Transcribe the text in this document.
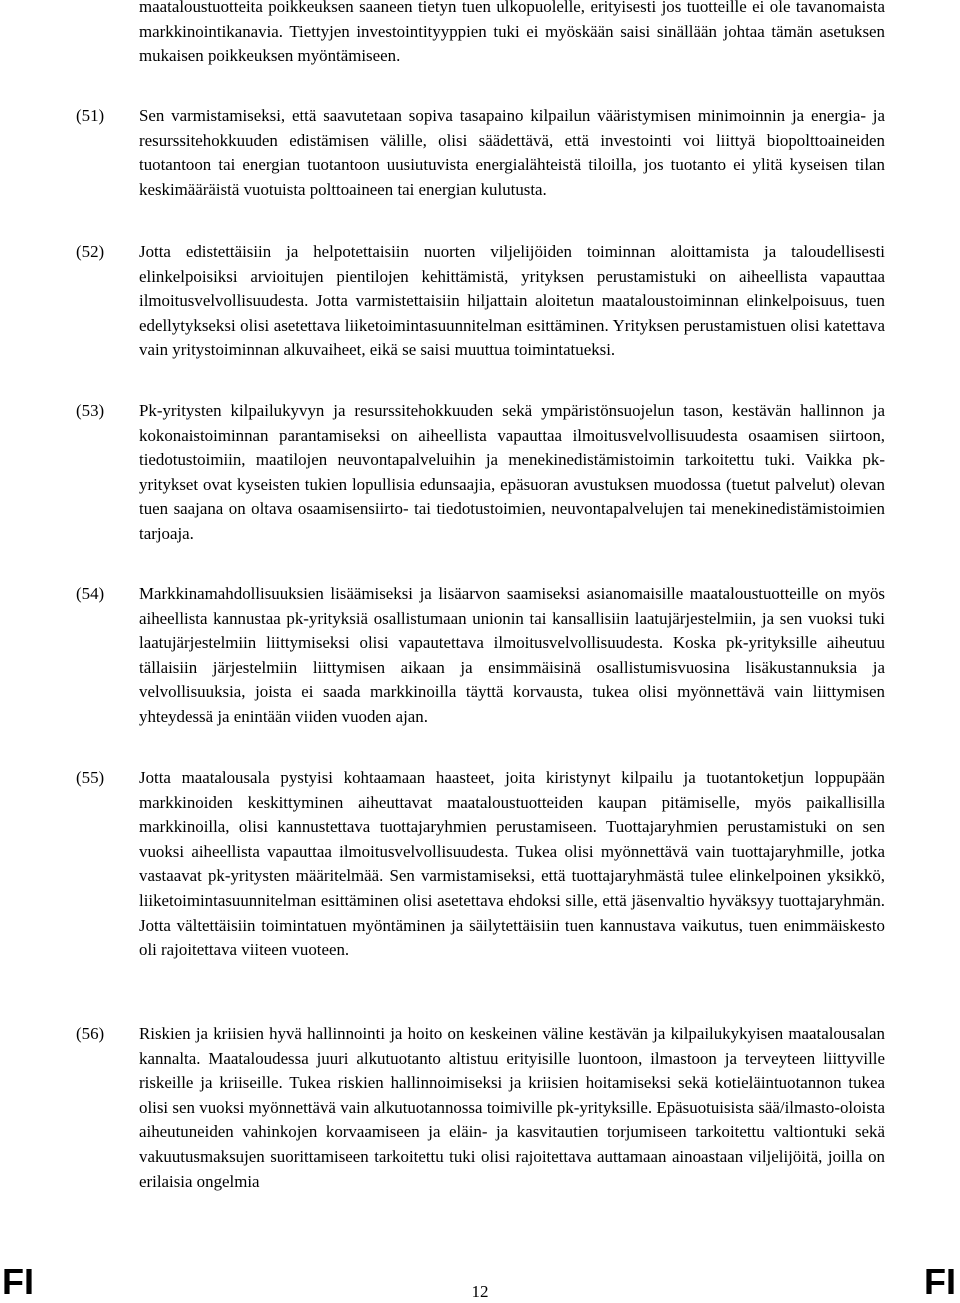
maataloustuotteita poikkeuksen saaneen tietyn tuen ulkopuolelle, erityisesti jos tuotteille ei ole tavanomaista markkinointikanavia. Tiettyjen investointityyppien tuki ei myöskään saisi sinällään johtaa tämän asetuksen mukaisen poikkeuksen myöntämiseen.
(51) Sen varmistamiseksi, että saavutetaan sopiva tasapaino kilpailun vääristymisen minimoinnin ja energia- ja resurssitehokkuuden edistämisen välille, olisi säädettävä, että investointi voi liittyä biopolttoaineiden tuotantoon tai energian tuotantoon uusiutuvista energialähteistä tiloilla, jos tuotanto ei ylitä kyseisen tilan keskimääräistä vuotuista polttoaineen tai energian kulutusta.
(52) Jotta edistettäisiin ja helpotettaisiin nuorten viljelijöiden toiminnan aloittamista ja taloudellisesti elinkelpoisiksi arvioitujen pientilojen kehittämistä, yrityksen perustamistuki on aiheellista vapauttaa ilmoitusvelvollisuudesta. Jotta varmistettaisiin hiljattain aloitetun maataloustoiminnan elinkelpoisuus, tuen edellytykseksi olisi asetettava liiketoimintasuunnitelman esittäminen. Yrityksen perustamistuen olisi katettava vain yritystoiminnan alkuvaiheet, eikä se saisi muuttua toimintatueksi.
(53) Pk-yritysten kilpailukyvyn ja resurssitehokkuuden sekä ympäristönsuojelun tason, kestävän hallinnon ja kokonaistoiminnan parantamiseksi on aiheellista vapauttaa ilmoitusvelvollisuudesta osaamisen siirtoon, tiedotustoimiin, maatilojen neuvontapalveluihin ja menekinedistämistoimin tarkoitettu tuki. Vaikka pk-yritykset ovat kyseisten tukien lopullisia edunsaajia, epäsuoran avustuksen muodossa (tuetut palvelut) olevan tuen saajana on oltava osaamisensiirto- tai tiedotustoimien, neuvontapalvelujen tai menekinedistämistoimien tarjoaja.
(54) Markkinamahdollisuuksien lisäämiseksi ja lisäarvon saamiseksi asianomaisille maataloustuotteille on myös aiheellista kannustaa pk-yrityksiä osallistumaan unionin tai kansallisiin laatujärjestelmiin, ja sen vuoksi tuki laatujärjestelmiin liittymiseksi olisi vapautettava ilmoitusvelvollisuudesta. Koska pk-yrityksille aiheutuu tällaisiin järjestelmiin liittymisen aikaan ja ensimmäisinä osallistumisvuosina lisäkustannuksia ja velvollisuuksia, joista ei saada markkinoilla täyttä korvausta, tukea olisi myönnettävä vain liittymisen yhteydessä ja enintään viiden vuoden ajan.
(55) Jotta maatalousala pystyisi kohtaamaan haasteet, joita kiristynyt kilpailu ja tuotantoketjun loppupään markkinoiden keskittyminen aiheuttavat maataloustuotteiden kaupan pitämiselle, myös paikallisilla markkinoilla, olisi kannustettava tuottajaryhmien perustamiseen. Tuottajaryhmien perustamistuki on sen vuoksi aiheellista vapauttaa ilmoitusvelvollisuudesta. Tukea olisi myönnettävä vain tuottajaryhmille, jotka vastaavat pk-yritysten määritelmää. Sen varmistamiseksi, että tuottajaryhmästä tulee elinkelpoinen yksikkö, liiketoimintasuunnitelman esittäminen olisi asetettava ehdoksi sille, että jäsenvaltio hyväksyy tuottajaryhmän. Jotta vältettäisiin toimintatuen myöntäminen ja säilytettäisiin tuen kannustava vaikutus, tuen enimmäiskesto oli rajoitettava viiteen vuoteen.
(56) Riskien ja kriisien hyvä hallinnointi ja hoito on keskeinen väline kestävän ja kilpailukykyisen maatalousalan kannalta. Maataloudessa juuri alkutuotanto altistuu erityisille luontoon, ilmastoon ja terveyteen liittyville riskeille ja kriiseille. Tukea riskien hallinnoimiseksi ja kriisien hoitamiseksi sekä kotieläintuotannon tukea olisi sen vuoksi myönnettävä vain alkutuotannossa toimiville pk-yrityksille. Epäsuotuisista sää/ilmasto-oloista aiheutuneiden vahinkojen korvaamiseen ja eläin- ja kasvitautien torjumiseen tarkoitettu valtiontuki sekä vakuutusmaksujen suorittamiseen tarkoitettu tuki olisi rajoitettava auttamaan ainoastaan viljelijöitä, joilla on erilaisia ongelmia
FI	12	FI
